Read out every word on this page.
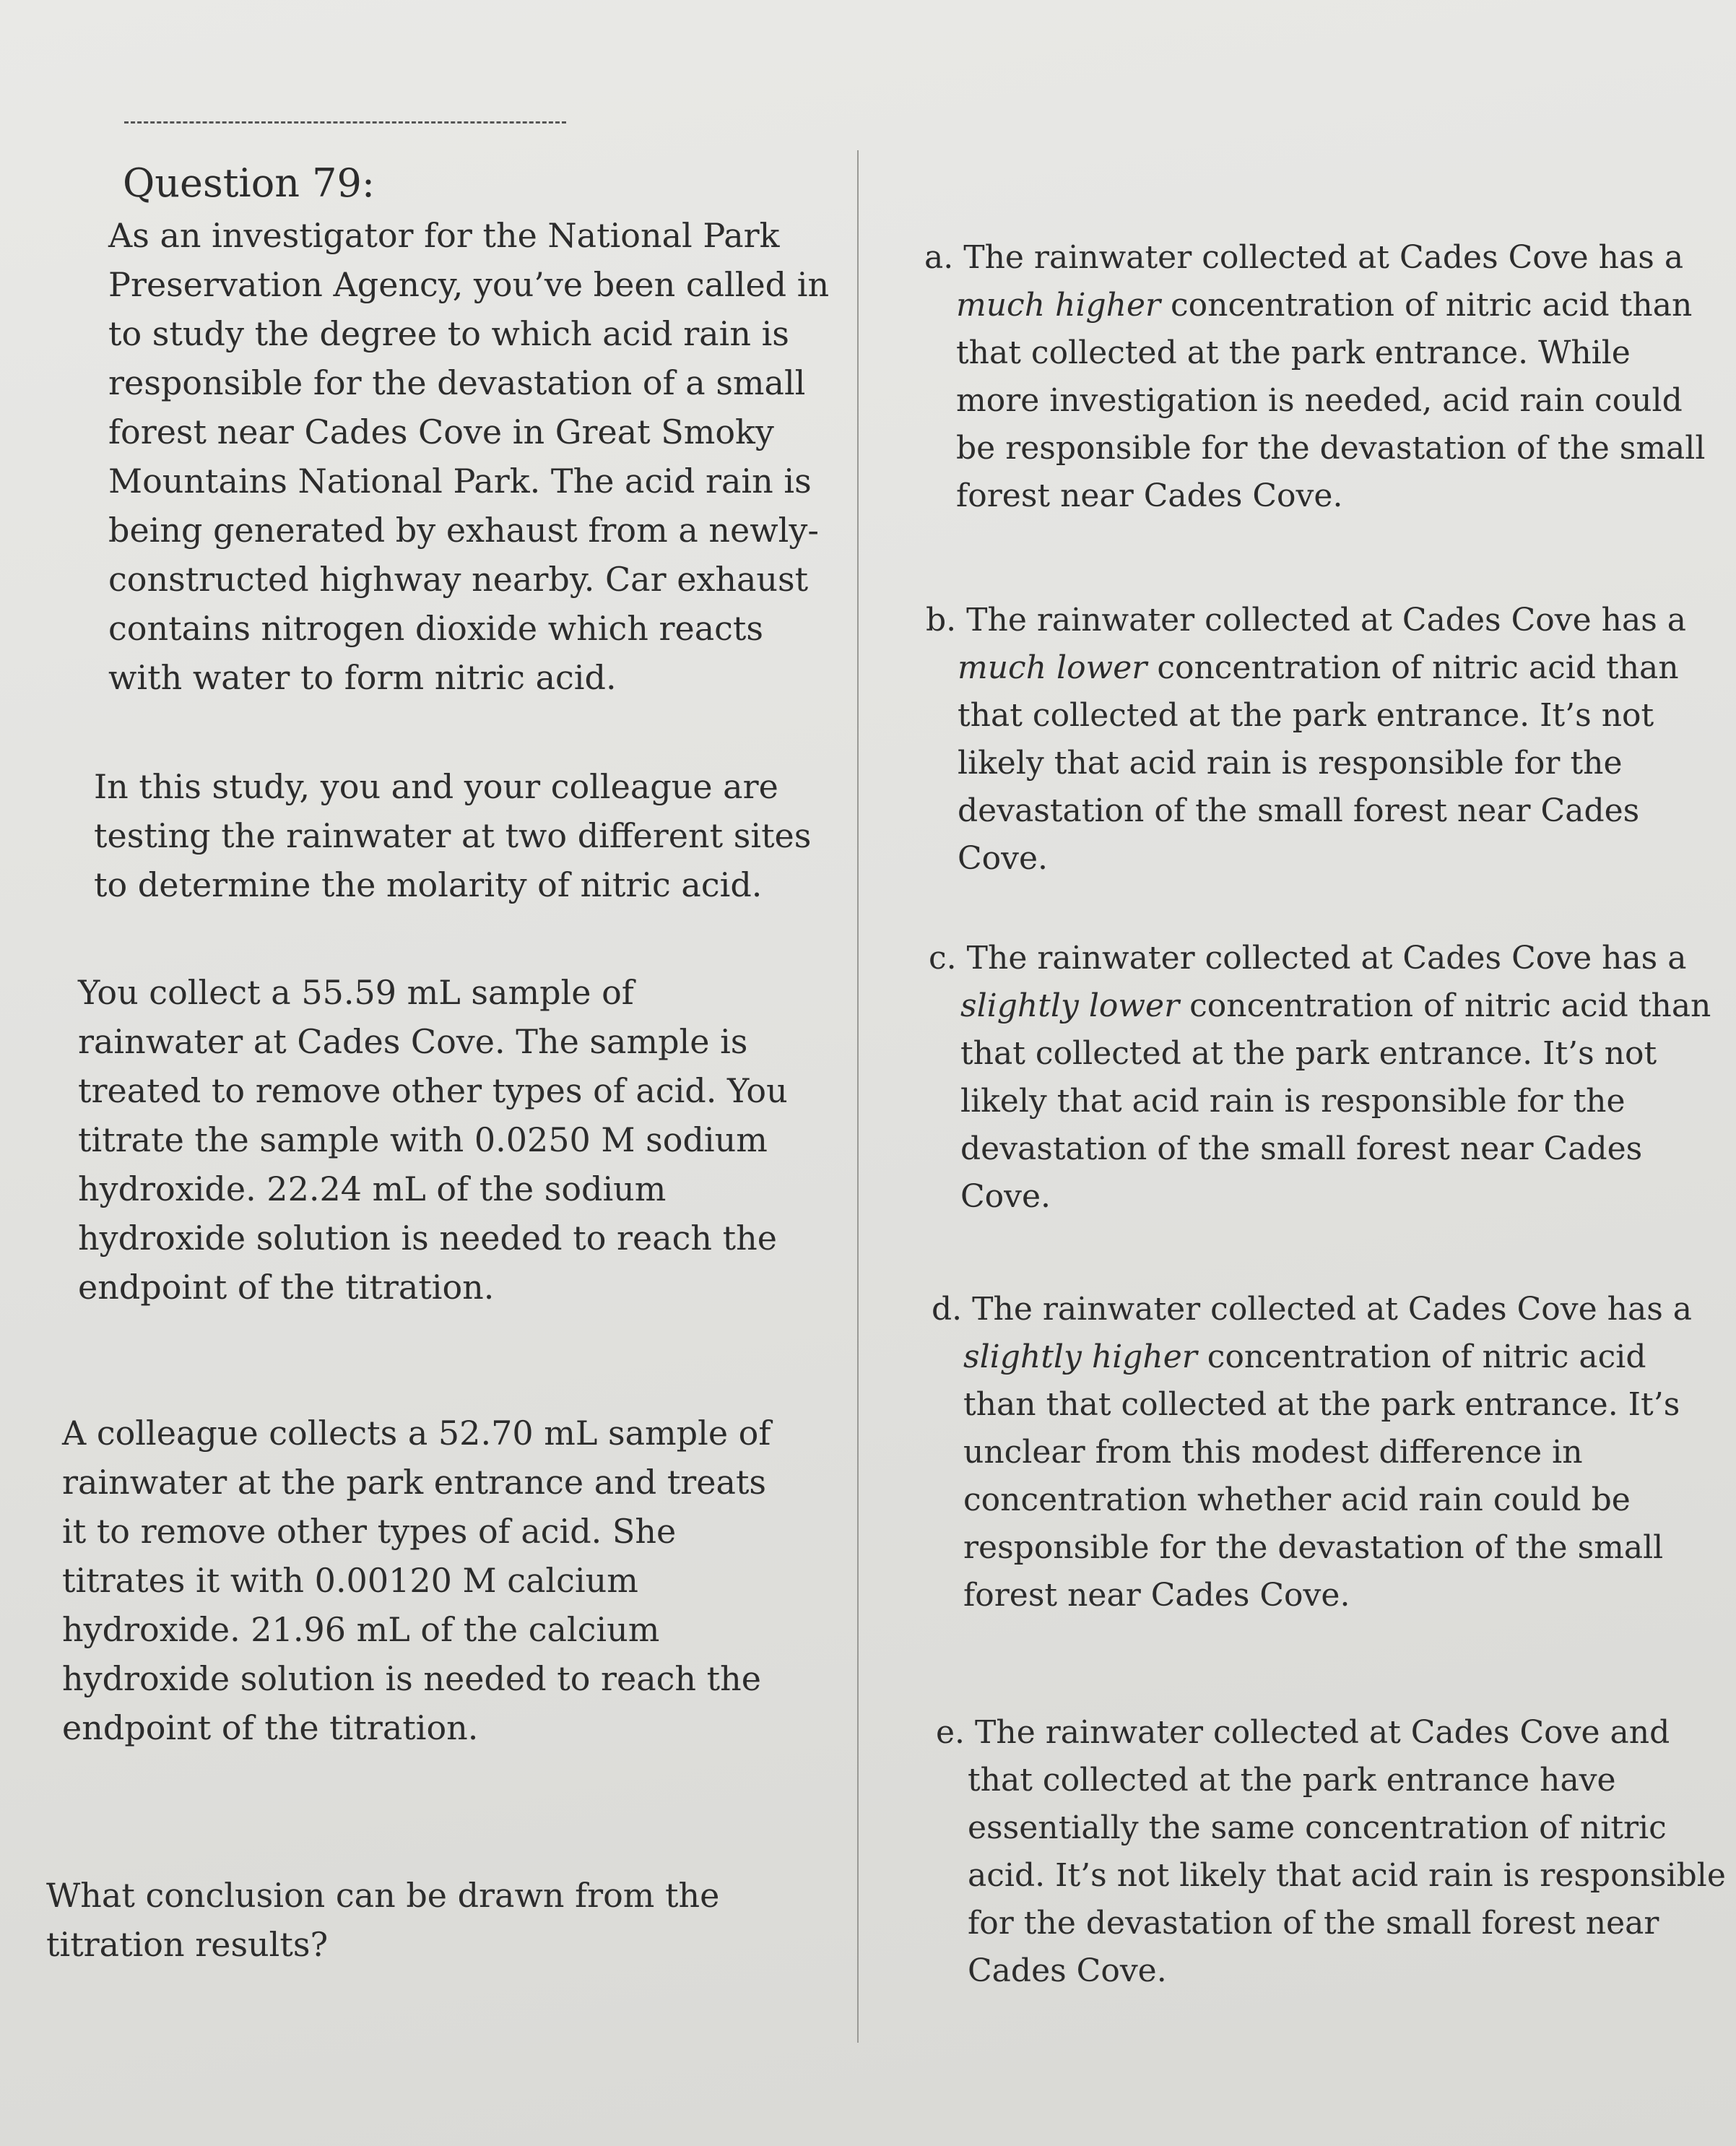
Question 79:

As an investigator for the National Park Preservation Agency, you’ve been called in to study the degree to which acid rain is responsible for the devastation of a small forest near Cades Cove in Great Smoky Mountains National Park. The acid rain is being generated by exhaust from a newly-constructed highway nearby. Car exhaust contains nitrogen dioxide which reacts with water to form nitric acid.

In this study, you and your colleague are testing the rainwater at two different sites to determine the molarity of nitric acid.

You collect a 55.59 mL sample of rainwater at Cades Cove. The sample is treated to remove other types of acid. You titrate the sample with 0.0250 M sodium hydroxide. 22.24 mL of the sodium hydroxide solution is needed to reach the endpoint of the titration.

A colleague collects a 52.70 mL sample of rainwater at the park entrance and treats it to remove other types of acid. She titrates it with 0.00120 M calcium hydroxide. 21.96 mL of the calcium hydroxide solution is needed to reach the endpoint of the titration.

What conclusion can be drawn from the titration results?

a. The rainwater collected at Cades Cove has a much higher concentration of nitric acid than that collected at the park entrance. While more investigation is needed, acid rain could be responsible for the devastation of the small forest near Cades Cove.

b. The rainwater collected at Cades Cove has a much lower concentration of nitric acid than that collected at the park entrance. It’s not likely that acid rain is responsible for the devastation of the small forest near Cades Cove.

c. The rainwater collected at Cades Cove has a slightly lower concentration of nitric acid than that collected at the park entrance. It’s not likely that acid rain is responsible for the devastation of the small forest near Cades Cove.

d. The rainwater collected at Cades Cove has a slightly higher concentration of nitric acid than that collected at the park entrance. It’s unclear from this modest difference in concentration whether acid rain could be responsible for the devastation of the small forest near Cades Cove.

e. The rainwater collected at Cades Cove and that collected at the park entrance have essentially the same concentration of nitric acid. It’s not likely that acid rain is responsible for the devastation of the small forest near Cades Cove.
